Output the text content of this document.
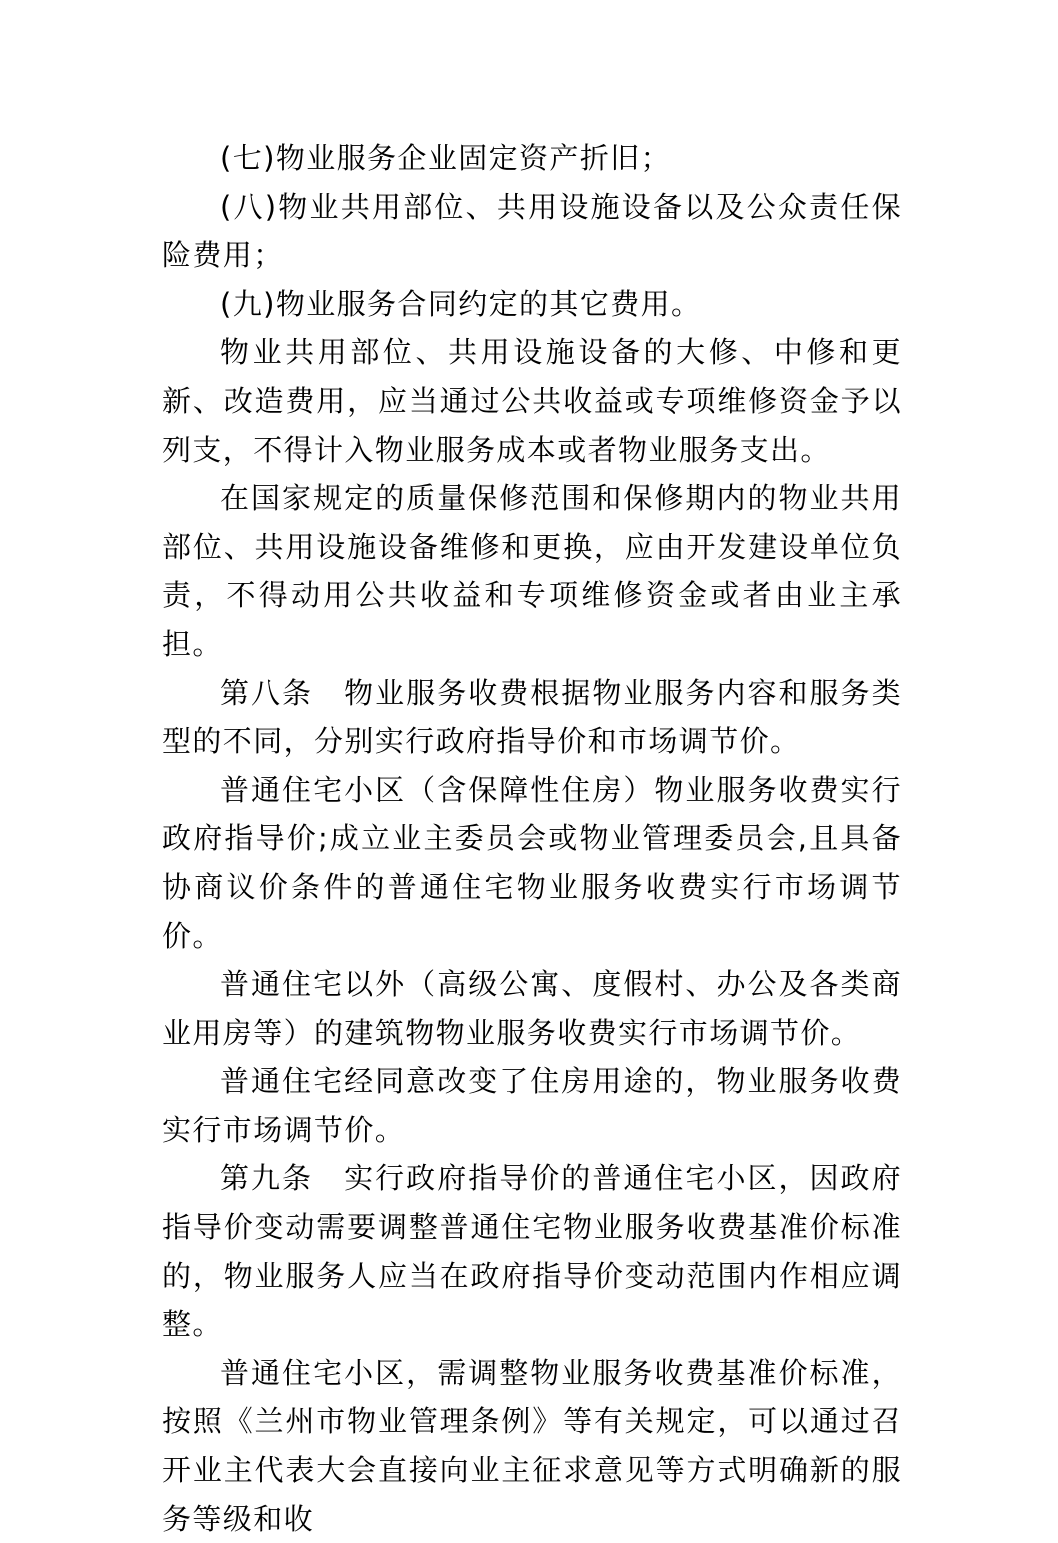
(七)物业服务企业固定资产折旧；

(八)物业共用部位、共用设施设备以及公众责任保险费用；

(九)物业服务合同约定的其它费用。

物业共用部位、共用设施设备的大修、中修和更新、改造费用，应当通过公共收益或专项维修资金予以列支，不得计入物业服务成本或者物业服务支出。

在国家规定的质量保修范围和保修期内的物业共用部位、共用设施设备维修和更换，应由开发建设单位负责，不得动用公共收益和专项维修资金或者由业主承担。

第八条　物业服务收费根据物业服务内容和服务类型的不同，分别实行政府指导价和市场调节价。

普通住宅小区（含保障性住房）物业服务收费实行政府指导价;成立业主委员会或物业管理委员会,且具备协商议价条件的普通住宅物业服务收费实行市场调节价。

普通住宅以外（高级公寓、度假村、办公及各类商业用房等）的建筑物物业服务收费实行市场调节价。

普通住宅经同意改变了住房用途的，物业服务收费实行市场调节价。

第九条　实行政府指导价的普通住宅小区，因政府指导价变动需要调整普通住宅物业服务收费基准价标准的，物业服务人应当在政府指导价变动范围内作相应调整。

普通住宅小区，需调整物业服务收费基准价标准，按照《兰州市物业管理条例》等有关规定，可以通过召开业主代表大会直接向业主征求意见等方式明确新的服务等级和收
